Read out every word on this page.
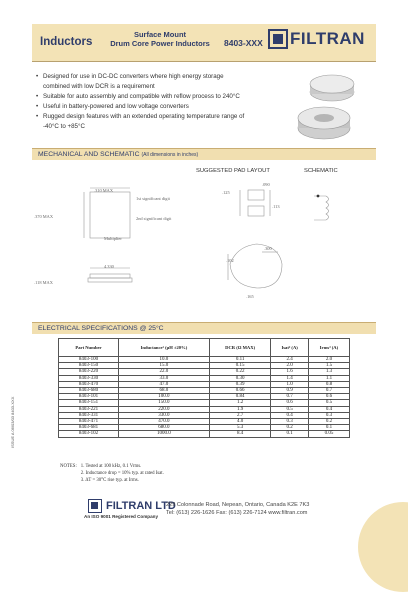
Inductors
Surface Mount
Drum Core Power Inductors	8403-XXX FILTRAN
• Designed for use in DC-DC converters where high energy storage
combined with low DCR is a requirement
• Suitable for auto assembly and compatible with reflow process to 240°C
• Useful in battery-powered and low voltage converters
• Rugged design features with an extended operating temperature range of
-40°C to +85°C
MECHANICAL AND SCHEMATIC (All dimensions in inches)
SUGGESTED PAD LAYOUT	SCHEMATIC
.310 MAX
.370 MAX
1st significant digit
2nd significant digit
Multiplier
4.330
.118 MAX
.090
.125
.113
.102
.300
.165
ELECTRICAL SPECIFICATIONS @ 25°C
Part Number	Inductance¹ (µH ±20%)	DCR (Ω MAX)	Isat² (A)	Irms³ (A)
8403-100	10.0	0.11	2.4	2.0
8403-150	15.0	0.15	2.0	1.5
8403-220	22.0	0.22	1.6	1.3
8403-330	33.0	0.30	1.4	1.1
8403-470	47.0	0.39	1.0	0.8
8403-680	68.0	0.66	0.9	0.7
8403-101	100.0	0.84	0.7	0.6
8403-151	150.0	1.2	0.6	0.5
8403-221	220.0	1.9	0.5	0.4
8403-331	330.0	2.7	0.4	0.3
8403-471	470.0	4.0	0.3	0.2
8403-681	680.0	5.3	0.2	0.1
8403-102	1000.0	8.4	0.1	0.05
NOTES: 1. Tested at 100 kHz, 0.1 Vrms.
2. Inductance drop = 10% typ. at rated Isat.
3. ΔT = 30°C rise typ. at Irms.
ISSUE A 06/03/03 8403-XXX
FILTRAN LTD
An ISO 9001 Registered Company
229 Colonnade Road, Nepean, Ontario, Canada K2E 7K3
Tel: (613) 226-1626 Fax: (613) 226-7124 www.filtran.com
